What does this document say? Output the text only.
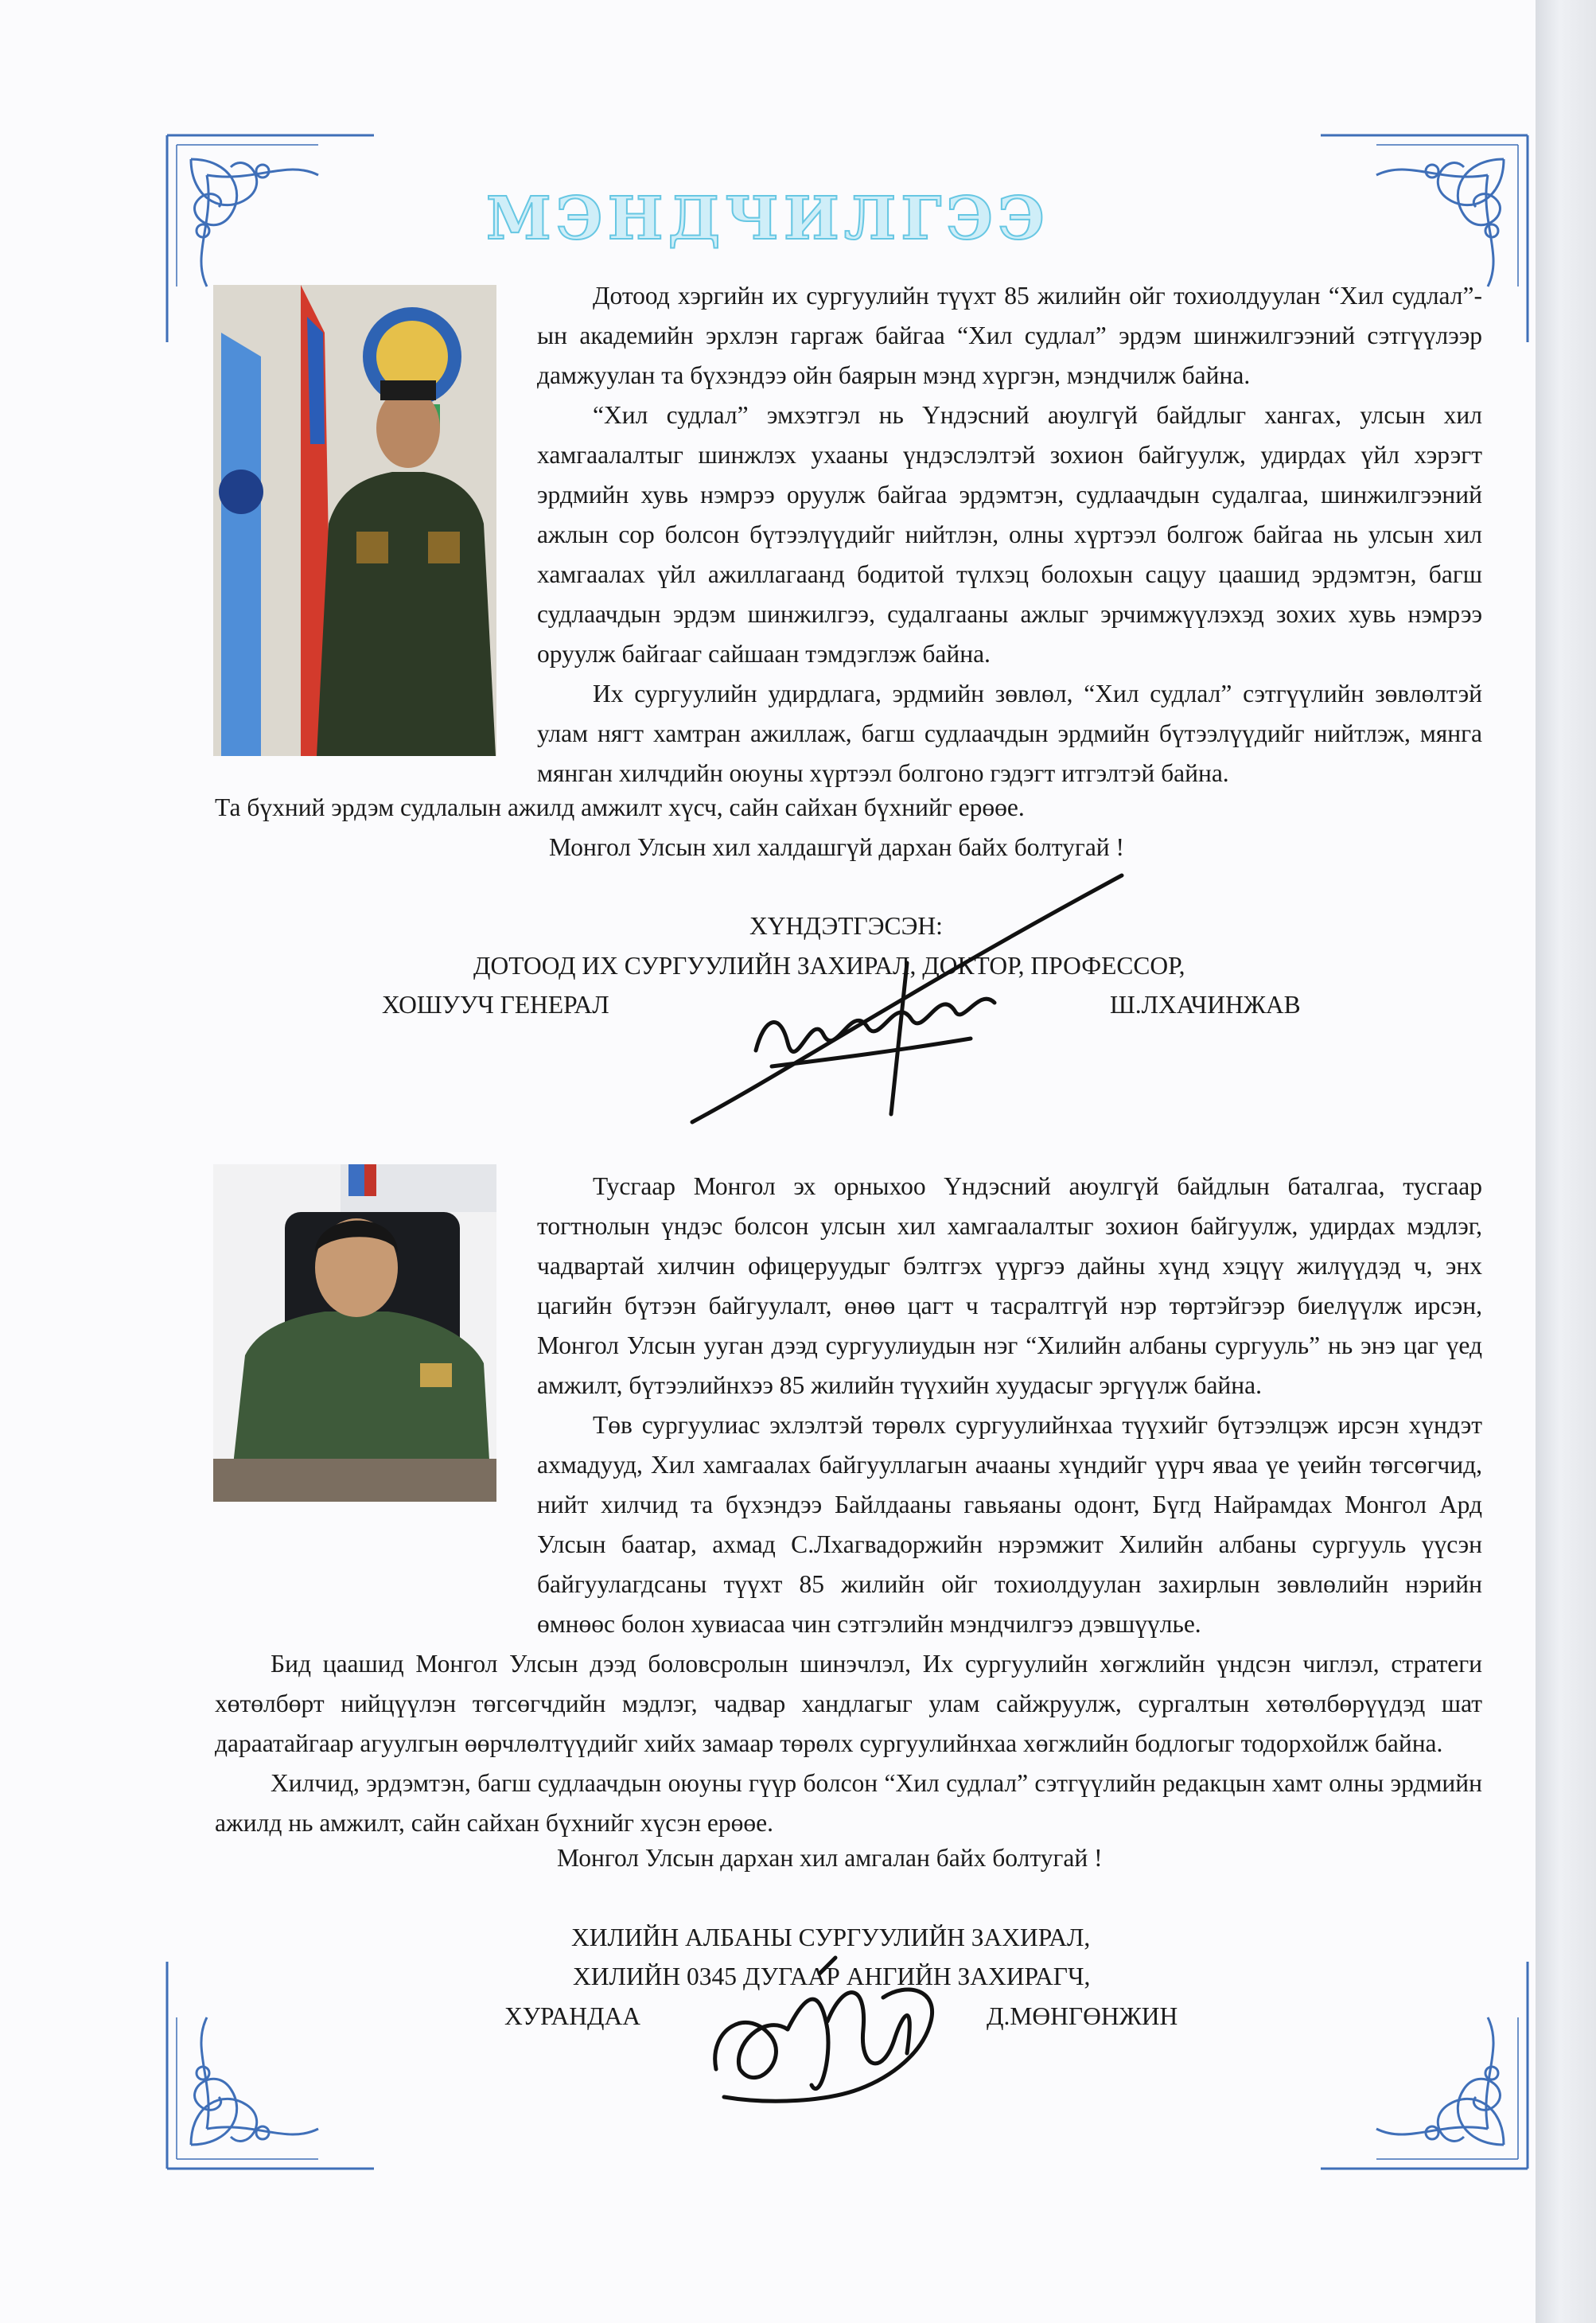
МЭНДЧИЛГЭЭ

Дотоод хэргийн их сургуулийн түүхт 85 жилийн ойг тохиолдуулан “Хил судлал”-ын академийн эрхлэн гаргаж байгаа “Хил судлал” эрдэм шинжилгээний сэтгүүлээр дамжуулан та бүхэндээ ойн баярын мэнд хүргэн, мэндчилж байна.

“Хил судлал” эмхэтгэл нь Үндэсний аюулгүй байдлыг хангах, улсын хил хамгаалалтыг шинжлэх ухааны үндэслэлтэй зохион байгуулж, удирдах үйл хэрэгт эрдмийн хувь нэмрээ оруулж байгаа эрдэмтэн, судлаачдын судалгаа, шинжилгээний ажлын сор болсон бүтээлүүдийг нийтлэн, олны хүртээл болгож байгаа нь улсын хил хамгаалах үйл ажиллагаанд бодитой түлхэц болохын сацуу цаашид эрдэмтэн, багш судлаачдын эрдэм шинжилгээ, судалгааны ажлыг эрчимжүүлэхэд зохих хувь нэмрээ оруулж байгааг сайшаан тэмдэглэж байна.

Их сургуулийн удирдлага, эрдмийн зөвлөл, “Хил судлал” сэтгүүлийн зөвлөлтэй улам нягт хамтран ажиллаж, багш судлаачдын эрдмийн бүтээлүүдийг нийтлэж, мянга мянган хилчдийн оюуны хүртээл болгоно гэдэгт итгэлтэй байна.

Та бүхний эрдэм судлалын ажилд амжилт хүсч, сайн сайхан бүхнийг ерөөе.
Монгол Улсын хил халдашгүй дархан байх болтугай !
ХҮНДЭТГЭСЭН:
ДОТООД ИХ СУРГУУЛИЙН ЗАХИРАЛ, ДОКТОР, ПРОФЕССОР,
ХОШУУЧ ГЕНЕРАЛ	Ш.ЛХАЧИНЖАВ

Тусгаар Монгол эх орныхоо Үндэсний аюулгүй байдлын баталгаа, тусгаар тогтнолын үндэс болсон улсын хил хамгаалалтыг зохион байгуулж, удирдах мэдлэг, чадвартай хилчин офицеруудыг бэлтгэх үүргээ дайны хүнд хэцүү жилүүдэд ч, энх цагийн бүтээн байгуулалт, өнөө цагт ч тасралтгүй нэр төртэйгээр биелүүлж ирсэн, Монгол Улсын ууган дээд сургуулиудын нэг “Хилийн албаны сургууль” нь энэ цаг үед амжилт, бүтээлийнхээ 85 жилийн түүхийн хуудасыг эргүүлж байна.

Төв сургуулиас эхлэлтэй төрөлх сургуулийнхаа түүхийг бүтээлцэж ирсэн хүндэт ахмадууд, Хил хамгаалах байгууллагын ачааны хүндийг үүрч яваа үе үеийн төгсөгчид, нийт хилчид та бүхэндээ Байлдааны гавьяаны одонт, Бүгд Найрамдах Монгол Ард Улсын баатар, ахмад С.Лхагвадоржийн нэрэмжит Хилийн албаны сургууль үүсэн байгуулагдсаны түүхт 85 жилийн ойг тохиолдуулан захирлын зөвлөлийн нэрийн өмнөөс болон хувиасаа чин сэтгэлийн мэндчилгээ дэвшүүлье.

Бид цаашид Монгол Улсын дээд боловсролын шинэчлэл, Их сургуулийн хөгжлийн үндсэн чиглэл, стратеги хөтөлбөрт нийцүүлэн төгсөгчдийн мэдлэг, чадвар хандлагыг улам сайжруулж, сургалтын хөтөлбөрүүдэд шат дараатайгаар агуулгын өөрчлөлтүүдийг хийх замаар төрөлх сургуулийнхаа хөгжлийн бодлогыг тодорхойлж байна.

Хилчид, эрдэмтэн, багш судлаачдын оюуны гүүр болсон “Хил судлал” сэтгүүлийн редакцын хамт олны эрдмийн ажилд нь амжилт, сайн сайхан бүхнийг хүсэн ерөөе.

Монгол Улсын дархан хил амгалан байх болтугай !
ХИЛИЙН АЛБАНЫ СУРГУУЛИЙН ЗАХИРАЛ,
ХИЛИЙН 0345 ДУГААР АНГИЙН ЗАХИРАГЧ,
ХУРАНДАА	Д.МӨНГӨНЖИН
